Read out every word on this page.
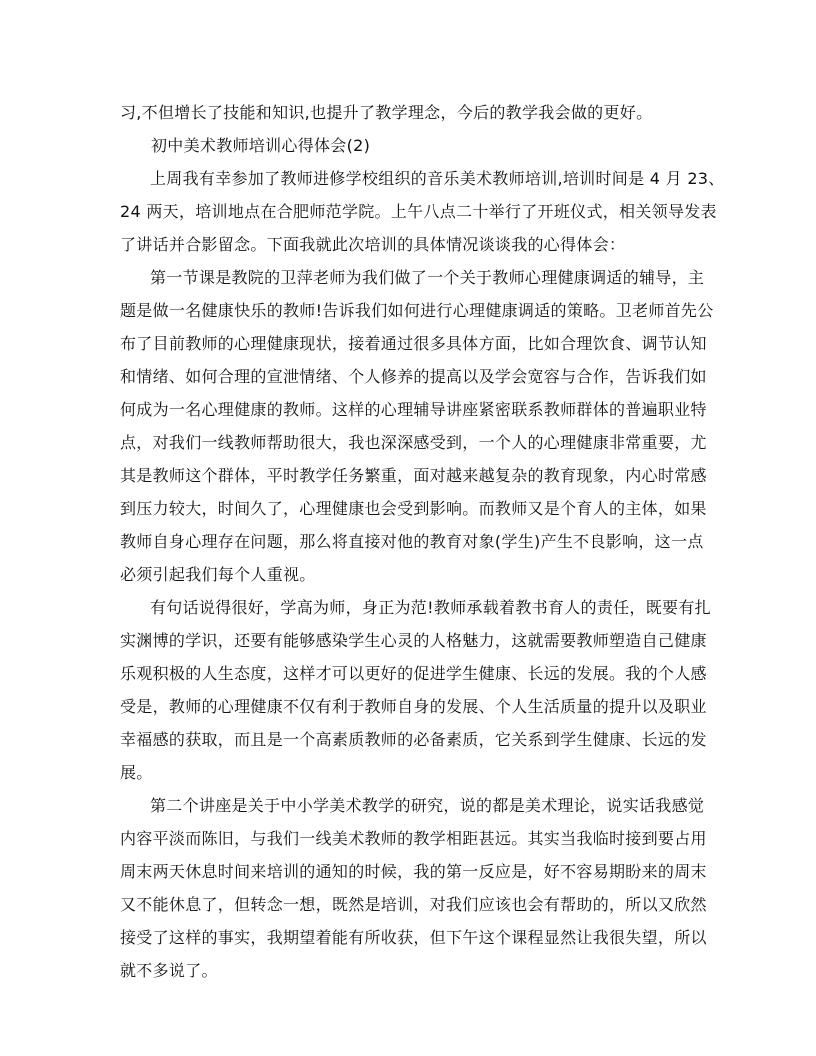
习,不但增长了技能和知识,也提升了教学理念，今后的教学我会做的更好。
初中美术教师培训心得体会(2)
上周我有幸参加了教师进修学校组织的音乐美术教师培训,培训时间是 4 月 23、
24 两天，培训地点在合肥师范学院。上午八点二十举行了开班仪式，相关领导发表
了讲话并合影留念。下面我就此次培训的具体情况谈谈我的心得体会：
第一节课是教院的卫萍老师为我们做了一个关于教师心理健康调适的辅导，主
题是做一名健康快乐的教师!告诉我们如何进行心理健康调适的策略。卫老师首先公
布了目前教师的心理健康现状，接着通过很多具体方面，比如合理饮食、调节认知
和情绪、如何合理的宣泄情绪、个人修养的提高以及学会宽容与合作，告诉我们如
何成为一名心理健康的教师。这样的心理辅导讲座紧密联系教师群体的普遍职业特
点，对我们一线教师帮助很大，我也深深感受到，一个人的心理健康非常重要，尤
其是教师这个群体，平时教学任务繁重，面对越来越复杂的教育现象，内心时常感
到压力较大，时间久了，心理健康也会受到影响。而教师又是个育人的主体，如果
教师自身心理存在问题，那么将直接对他的教育对象(学生)产生不良影响，这一点
必须引起我们每个人重视。
有句话说得很好，学高为师，身正为范!教师承载着教书育人的责任，既要有扎
实渊博的学识，还要有能够感染学生心灵的人格魅力，这就需要教师塑造自己健康
乐观积极的人生态度，这样才可以更好的促进学生健康、长远的发展。我的个人感
受是，教师的心理健康不仅有利于教师自身的发展、个人生活质量的提升以及职业
幸福感的获取，而且是一个高素质教师的必备素质，它关系到学生健康、长远的发
展。
第二个讲座是关于中小学美术教学的研究，说的都是美术理论，说实话我感觉
内容平淡而陈旧，与我们一线美术教师的教学相距甚远。其实当我临时接到要占用
周末两天休息时间来培训的通知的时候，我的第一反应是，好不容易期盼来的周末
又不能休息了，但转念一想，既然是培训，对我们应该也会有帮助的，所以又欣然
接受了这样的事实，我期望着能有所收获，但下午这个课程显然让我很失望，所以
就不多说了。
